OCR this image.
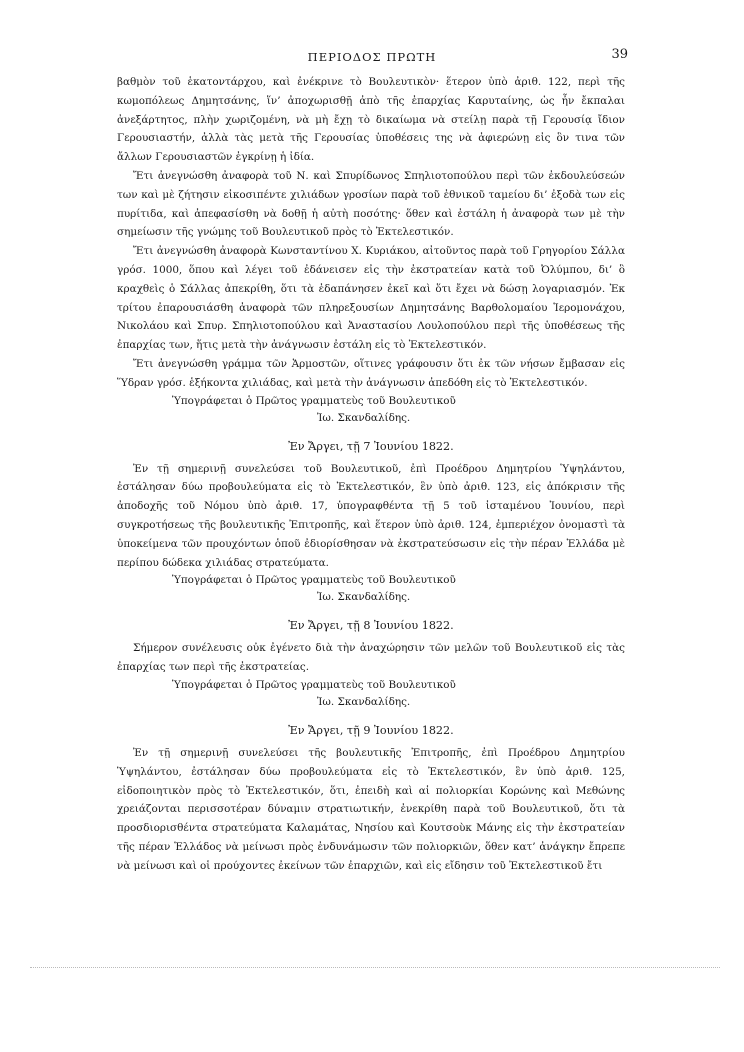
ΠΕΡΙΟΔΟΣ ΠΡΩΤΗ	39

βαθμὸν τοῦ ἑκατοντάρχου, καὶ ἐνέκρινε τὸ Βουλευτικὸν· ἕτερον ὑπὸ ἀριθ. 122, περὶ τῆς κωμοπόλεως Δημητσάνης, ἵν’ ἀποχωρισθῇ ἀπὸ τῆς ἐπαρχίας Καρυταίνης, ὡς ἦν ἔκπαλαι ἀνεξάρτητος, πλὴν χωριζομένη, νὰ μὴ ἔχῃ τὸ δικαίωμα νὰ στείλῃ παρὰ τῇ Γερουσίᾳ ἴδιον Γερουσιαστήν, ἀλλὰ τὰς μετὰ τῆς Γερουσίας ὑποθέσεις της νὰ ἀφιερώνῃ εἰς ὃν τινα τῶν ἄλλων Γερουσιαστῶν ἐγκρίνῃ ἡ ἰδία.

Ἔτι ἀνεγνώσθη ἀναφορὰ τοῦ Ν. καὶ Σπυρίδωνος Σπηλιοτοπούλου περὶ τῶν ἐκδουλεύσεών των καὶ μὲ ζήτησιν εἰκοσιπέντε χιλιάδων γροσίων παρὰ τοῦ ἐθνικοῦ ταμείου δι’ ἐξοδὰ των εἰς πυρίτιδα, καὶ ἀπεφασίσθη νὰ δοθῇ ἡ αὐτὴ ποσότης· ὅθεν καὶ ἐστάλη ἡ ἀναφορὰ των μὲ τὴν σημείωσιν τῆς γνώμης τοῦ Βουλευτικοῦ πρὸς τὸ Ἐκτελεστικόν.

Ἔτι ἀνεγνώσθη ἀναφορὰ Κωνσταντίνου Χ. Κυριάκου, αἰτοῦντος παρὰ τοῦ Γρηγορίου Σάλλα γρόσ. 1000, ὅπου καὶ λέγει τοῦ ἐδάνεισεν εἰς τὴν ἐκστρατείαν κατὰ τοῦ Ὀλύμπου, δι’ ὃ κραχθεὶς ὁ Σάλλας ἀπεκρίθη, ὅτι τὰ ἐδαπάνησεν ἐκεῖ καὶ ὅτι ἔχει νὰ δώσῃ λογαριασμόν. Ἐκ τρίτου ἐπαρουσιάσθη ἀναφορὰ τῶν πληρεξουσίων Δημητσάνης Βαρθολομαίου Ἱερομονάχου, Νικολάου καὶ Σπυρ. Σπηλιοτοπούλου καὶ Ἀναστασίου Λουλοπούλου περὶ τῆς ὑποθέσεως τῆς ἐπαρχίας των, ἥτις μετὰ τὴν ἀνάγνωσιν ἐστάλη εἰς τὸ Ἐκτελεστικόν.

Ἔτι ἀνεγνώσθη γράμμα τῶν Ἁρμοστῶν, οἵτινες γράφουσιν ὅτι ἐκ τῶν νήσων ἔμβασαν εἰς Ὕδραν γρόσ. ἑξήκοντα χιλιάδας, καὶ μετὰ τὴν ἀνάγνωσιν ἀπεδόθη εἰς τὸ Ἐκτελεστικόν.

Ὑπογράφεται ὁ Πρῶτος γραμματεὺς τοῦ Βουλευτικοῦ

Ἰω. Σκανδαλίδης.

Ἐν Ἄργει, τῇ 7 Ἰουνίου 1822.

Ἐν τῇ σημερινῇ συνελεύσει τοῦ Βουλευτικοῦ, ἐπὶ Προέδρου Δημητρίου Ὑψηλάντου, ἐστάλησαν δύω προβουλεύματα εἰς τὸ Ἐκτελεστικόν, ἓν ὑπὸ ἀριθ. 123, εἰς ἀπόκρισιν τῆς ἀποδοχῆς τοῦ Νόμου ὑπὸ ἀριθ. 17, ὑπογραφθέντα τῇ 5 τοῦ ἱσταμένου Ἰουνίου, περὶ συγκροτήσεως τῆς βουλευτικῆς Ἐπιτροπῆς, καὶ ἕτερον ὑπὸ ἀριθ. 124, ἐμπεριέχον ὀνομαστὶ τὰ ὑποκείμενα τῶν προυχόντων ὁποῦ ἐδιορίσθησαν νὰ ἐκστρατεύσωσιν εἰς τὴν πέραν Ἑλλάδα μὲ περίπου δώδεκα χιλιάδας στρατεύματα.

Ὑπογράφεται ὁ Πρῶτος γραμματεὺς τοῦ Βουλευτικοῦ

Ἰω. Σκανδαλίδης.

Ἐν Ἄργει, τῇ 8 Ἰουνίου 1822.

Σήμερον συνέλευσις οὐκ ἐγένετο διὰ τὴν ἀναχώρησιν τῶν μελῶν τοῦ Βουλευτικοῦ εἰς τὰς ἐπαρχίας των περὶ τῆς ἐκστρατείας.

Ὑπογράφεται ὁ Πρῶτος γραμματεὺς τοῦ Βουλευτικοῦ

Ἰω. Σκανδαλίδης.

Ἐν Ἄργει, τῇ 9 Ἰουνίου 1822.

Ἐν τῇ σημερινῇ συνελεύσει τῆς βουλευτικῆς Ἐπιτροπῆς, ἐπὶ Προέδρου Δημητρίου Ὑψηλάντου, ἐστάλησαν δύω προβουλεύματα εἰς τὸ Ἐκτελεστικόν, ἓν ὑπὸ ἀριθ. 125, εἰδοποιητικὸν πρὸς τὸ Ἐκτελεστικόν, ὅτι, ἐπειδὴ καὶ αἱ πολιορκίαι Κορώνης καὶ Μεθώνης χρειάζονται περισσοτέραν δύναμιν στρατιωτικήν, ἐνεκρίθη παρὰ τοῦ Βουλευτικοῦ, ὅτι τὰ προσδιορισθέντα στρατεύματα Καλαμάτας, Νησίου καὶ Κουτσοὺκ Μάνης εἰς τὴν ἐκστρατείαν τῆς πέραν Ἑλλάδος νὰ μείνωσι πρὸς ἐνδυνάμωσιν τῶν πολιορκιῶν, ὅθεν κατ’ ἀνάγκην ἔπρεπε νὰ μείνωσι καὶ οἱ προύχοντες ἐκείνων τῶν ἐπαρχιῶν, καὶ εἰς εἴδησιν τοῦ Ἐκτελεστικοῦ ἔτι
